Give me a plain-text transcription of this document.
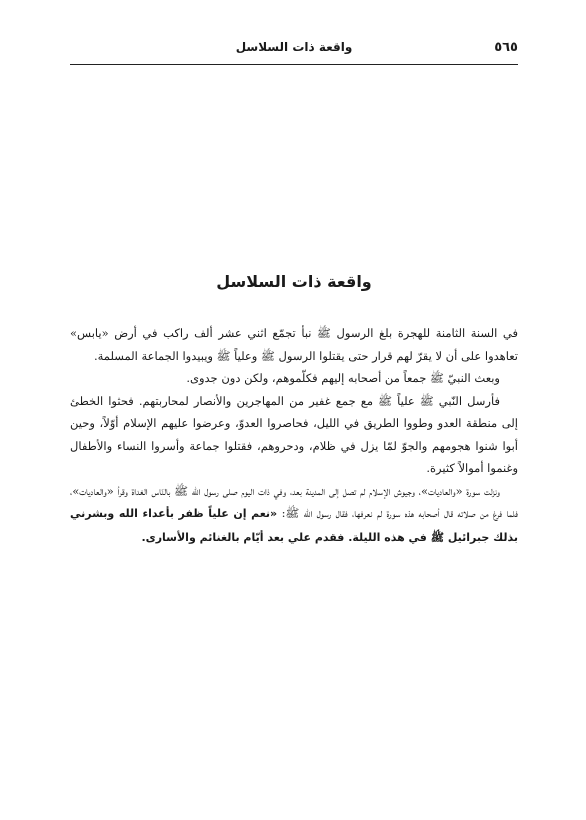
٥٦٥
واقعة ذات السلاسل
واقعة ذات السلاسل

في السنة الثامنة للهجرة بلغ الرسول ﷺ نبأ تجمّع اثني عشر ألف راكب في أرض «يابس» تعاهدوا على أن لا يقرّ لهم قرار حتى يقتلوا الرسول ﷺ وعلياً ﷺ ويبيدوا الجماعة المسلمة.

وبعث النبيّ ﷺ جمعاً من أصحابه إليهم فكلّموهم، ولكن دون جدوى.

فأرسل النّبي ﷺ علياً ﷺ مع جمع غفير من المهاجرين والأنصار لمحاربتهم. فحثوا الخطئ إلى منطقة العدو وطووا الطريق في الليل، فحاصروا العدوّ، وعرضوا عليهم الإسلام أوّلاً، وحين أبوا شنوا هجومهم والجوّ لمّا يزل في ظلام، ودحروهم، فقتلوا جماعة وأسروا النساء والأطفال وغنموا أموالاً كثيرة.

ونزلت سورة «والعاديات»، وجيوش الإسلام لم تصل إلى المدينة بعد، وفي ذات اليوم صلى رسول الله ﷺ بالنّاس الغداة وقرأ «والعاديات»، فلما فرغ من صلاته قال أصحابه هذه سورة لم نعرفها، فقال رسول الله ﷺ: «نعم إن علياً ظفر بأعداء الله وبشرني بذلك جبرائيل ﷺ في هذه الليلة. فقدم علي بعد أيّام بالغنائم والأسارى.
